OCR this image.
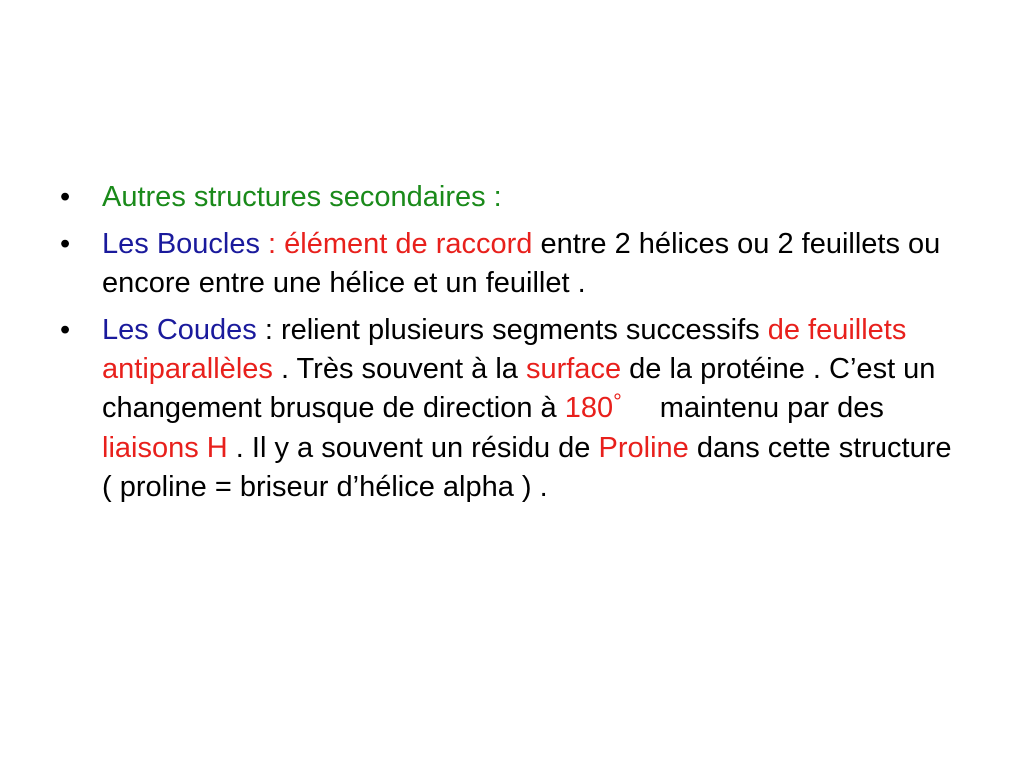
•	Autres structures secondaires :
•	Les Boucles : élément de raccord entre 2 hélices ou 2 feuillets ou encore entre une hélice et un feuillet .
•	Les Coudes : relient plusieurs segments successifs de feuillets antiparallèles . Très souvent à la surface de la protéine . C’est un changement brusque de direction à 180° maintenu par des liaisons H . Il y a souvent un résidu de Proline dans cette structure ( proline = briseur d’hélice alpha ) .
